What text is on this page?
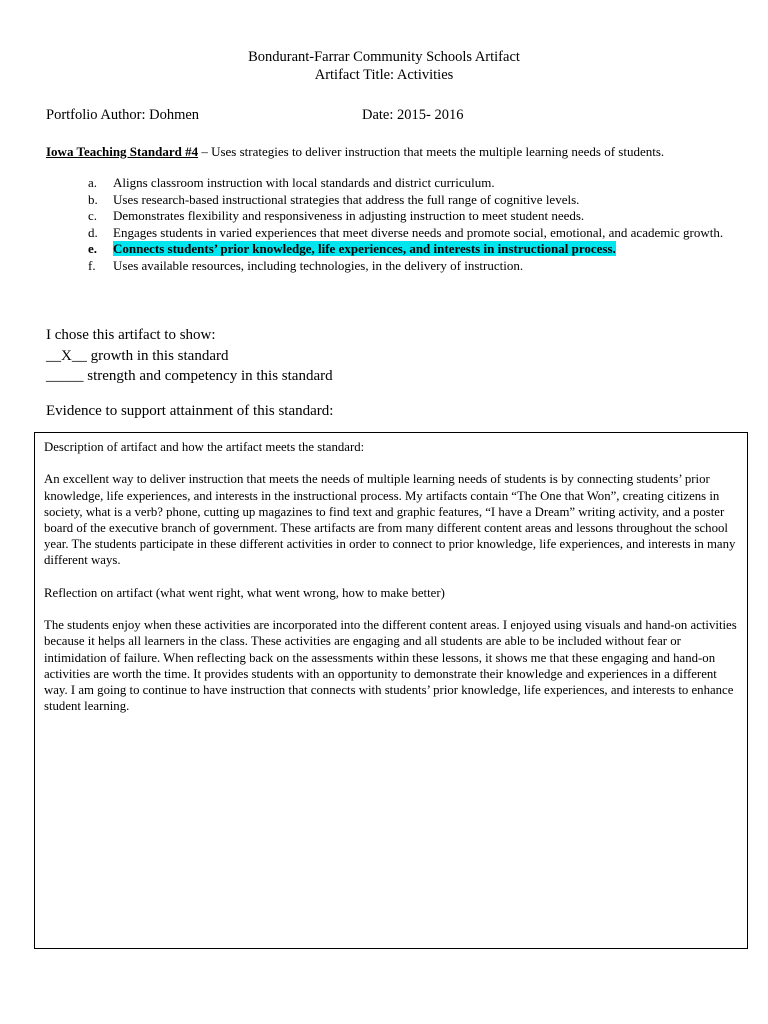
Bondurant-Farrar Community Schools Artifact
Artifact Title: Activities
Portfolio Author: Dohmen	Date: 2015- 2016
Iowa Teaching Standard #4 – Uses strategies to deliver instruction that meets the multiple learning needs of students.
a.	Aligns classroom instruction with local standards and district curriculum.
b.	Uses research-based instructional strategies that address the full range of cognitive levels.
c.	Demonstrates flexibility and responsiveness in adjusting instruction to meet student needs.
d.	Engages students in varied experiences that meet diverse needs and promote social, emotional, and academic growth.
e.	Connects students’ prior knowledge, life experiences, and interests in instructional process.
f.	Uses available resources, including technologies, in the delivery of instruction.
I chose this artifact to show:
__X__ growth in this standard
_____ strength and competency in this standard
Evidence to support attainment of this standard:

Description of artifact and how the artifact meets the standard:

An excellent way to deliver instruction that meets the needs of multiple learning needs of students is by connecting students’ prior knowledge, life experiences, and interests in the instructional process. My artifacts contain “The One that Won”, creating citizens in society, what is a verb? phone, cutting up magazines to find text and graphic features, “I have a Dream” writing activity, and a poster board of the executive branch of government. These artifacts are from many different content areas and lessons throughout the school year. The students participate in these different activities in order to connect to prior knowledge, life experiences, and interests in many different ways.

Reflection on artifact (what went right, what went wrong, how to make better)

The students enjoy when these activities are incorporated into the different content areas. I enjoyed using visuals and hand-on activities because it helps all learners in the class. These activities are engaging and all students are able to be included without fear or intimidation of failure. When reflecting back on the assessments within these lessons, it shows me that these engaging and hand-on activities are worth the time. It provides students with an opportunity to demonstrate their knowledge and experiences in a different way. I am going to continue to have instruction that connects with students’ prior knowledge, life experiences, and interests to enhance student learning.
